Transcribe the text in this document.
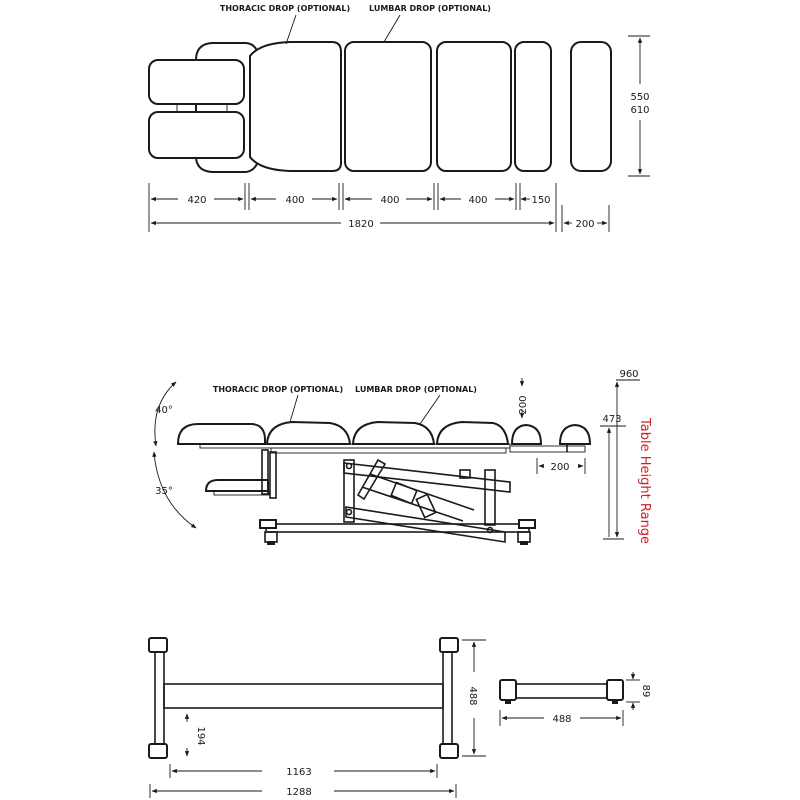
THORACIC DROP (OPTIONAL) LUMBAR DROP (OPTIONAL)
420	400	400	400	150
1820	200
550
610
THORACIC DROP (OPTIONAL) LUMBAR DROP (OPTIONAL)
40°
35°
200
200
960
473 Table Height Range
488
194
1163
1288
89
488
